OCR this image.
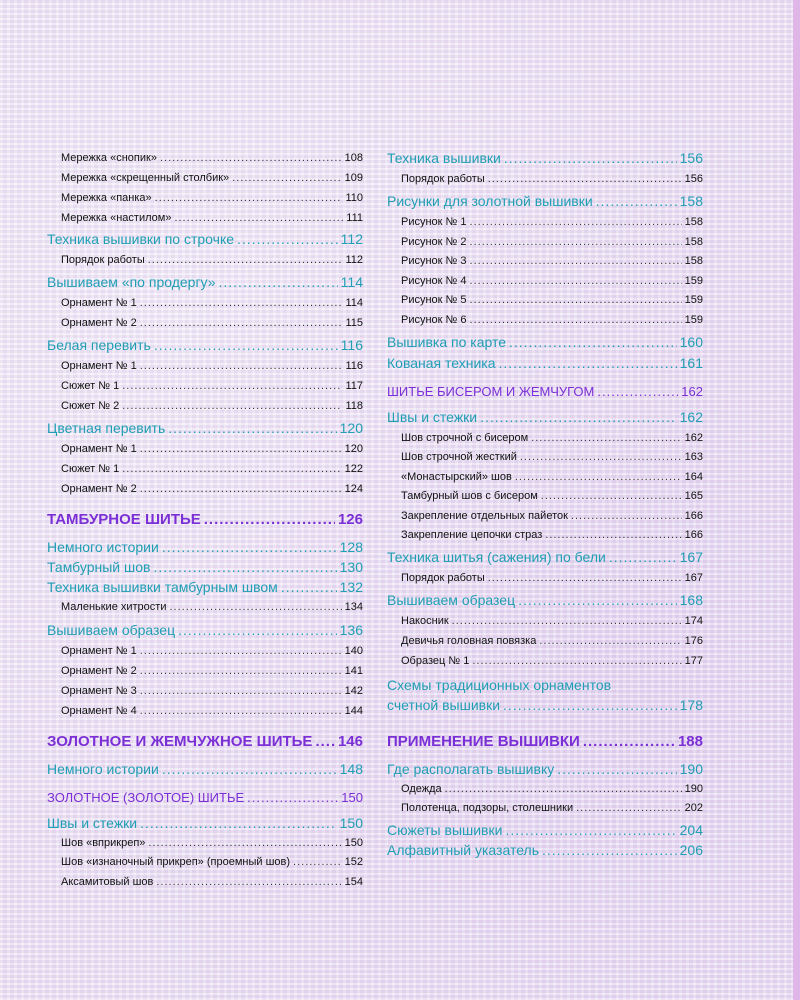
Мережка «снопик» .....	108
Мережка «скрещенный столбик» .....	109
Мережка «панка» .....	110
Мережка «настилом» .....	111
Техника вышивки по строчке .....	112
Порядок работы .....	112
Вышиваем «по продергу» .....	114
Орнамент № 1 .....	114
Орнамент № 2 .....	115
Белая перевить .....	116
Орнамент № 1 .....	116
Сюжет № 1 .....	117
Сюжет № 2 .....	118
Цветная перевить .....	120
Орнамент № 1 .....	120
Сюжет № 1 .....	122
Орнамент № 2 .....	124
ТАМБУРНОЕ ШИТЬЕ .....	126
Немного истории .....	128
Тамбурный шов .....	130
Техника вышивки тамбурным швом .....	132
Маленькие хитрости .....	134
Вышиваем образец .....	136
Орнамент № 1 .....	140
Орнамент № 2 .....	141
Орнамент № 3 .....	142
Орнамент № 4 .....	144
ЗОЛОТНОЕ И ЖЕМЧУЖНОЕ ШИТЬЕ ..... 146
Немного истории .....	148
ЗОЛОТНОЕ (ЗОЛОТОЕ) ШИТЬЕ .....	150
Швы и стежки .....	150
Шов «вприкреп» .....	150
Шов «изнаночный прикреп» (проемный шов) .....	152
Аксамитовый шов .....	154
Техника вышивки .....	156
Порядок работы .....	156
Рисунки для золотной вышивки .....	158
Рисунок № 1 .....	158
Рисунок № 2 .....	158
Рисунок № 3 .....	158
Рисунок № 4 .....	159
Рисунок № 5 .....	159
Рисунок № 6 .....	159
Вышивка по карте .....	160
Кованая техника .....	161
ШИТЬЕ БИСЕРОМ И ЖЕМЧУГОМ .....	162
Швы и стежки .....	162
Шов строчной с бисером .....	162
Шов строчной жесткий .....	163
«Монастырский» шов .....	164
Тамбурный шов с бисером .....	165
Закрепление отдельных пайеток .....	166
Закрепление цепочки страз .....	166
Техника шитья (сажения) по бели .....	167
Порядок работы .....	167
Вышиваем образец .....	168
Накосник .....	174
Девичья головная повязка .....	176
Образец № 1 .....	177
Схемы традиционных орнаментов
счетной вышивки .....	178
ПРИМЕНЕНИЕ ВЫШИВКИ .....	188
Где располагать вышивку .....	190
Одежда .....	190
Полотенца, подзоры, столешники .....	202
Сюжеты вышивки .....	204
Алфавитный указатель .....	206
